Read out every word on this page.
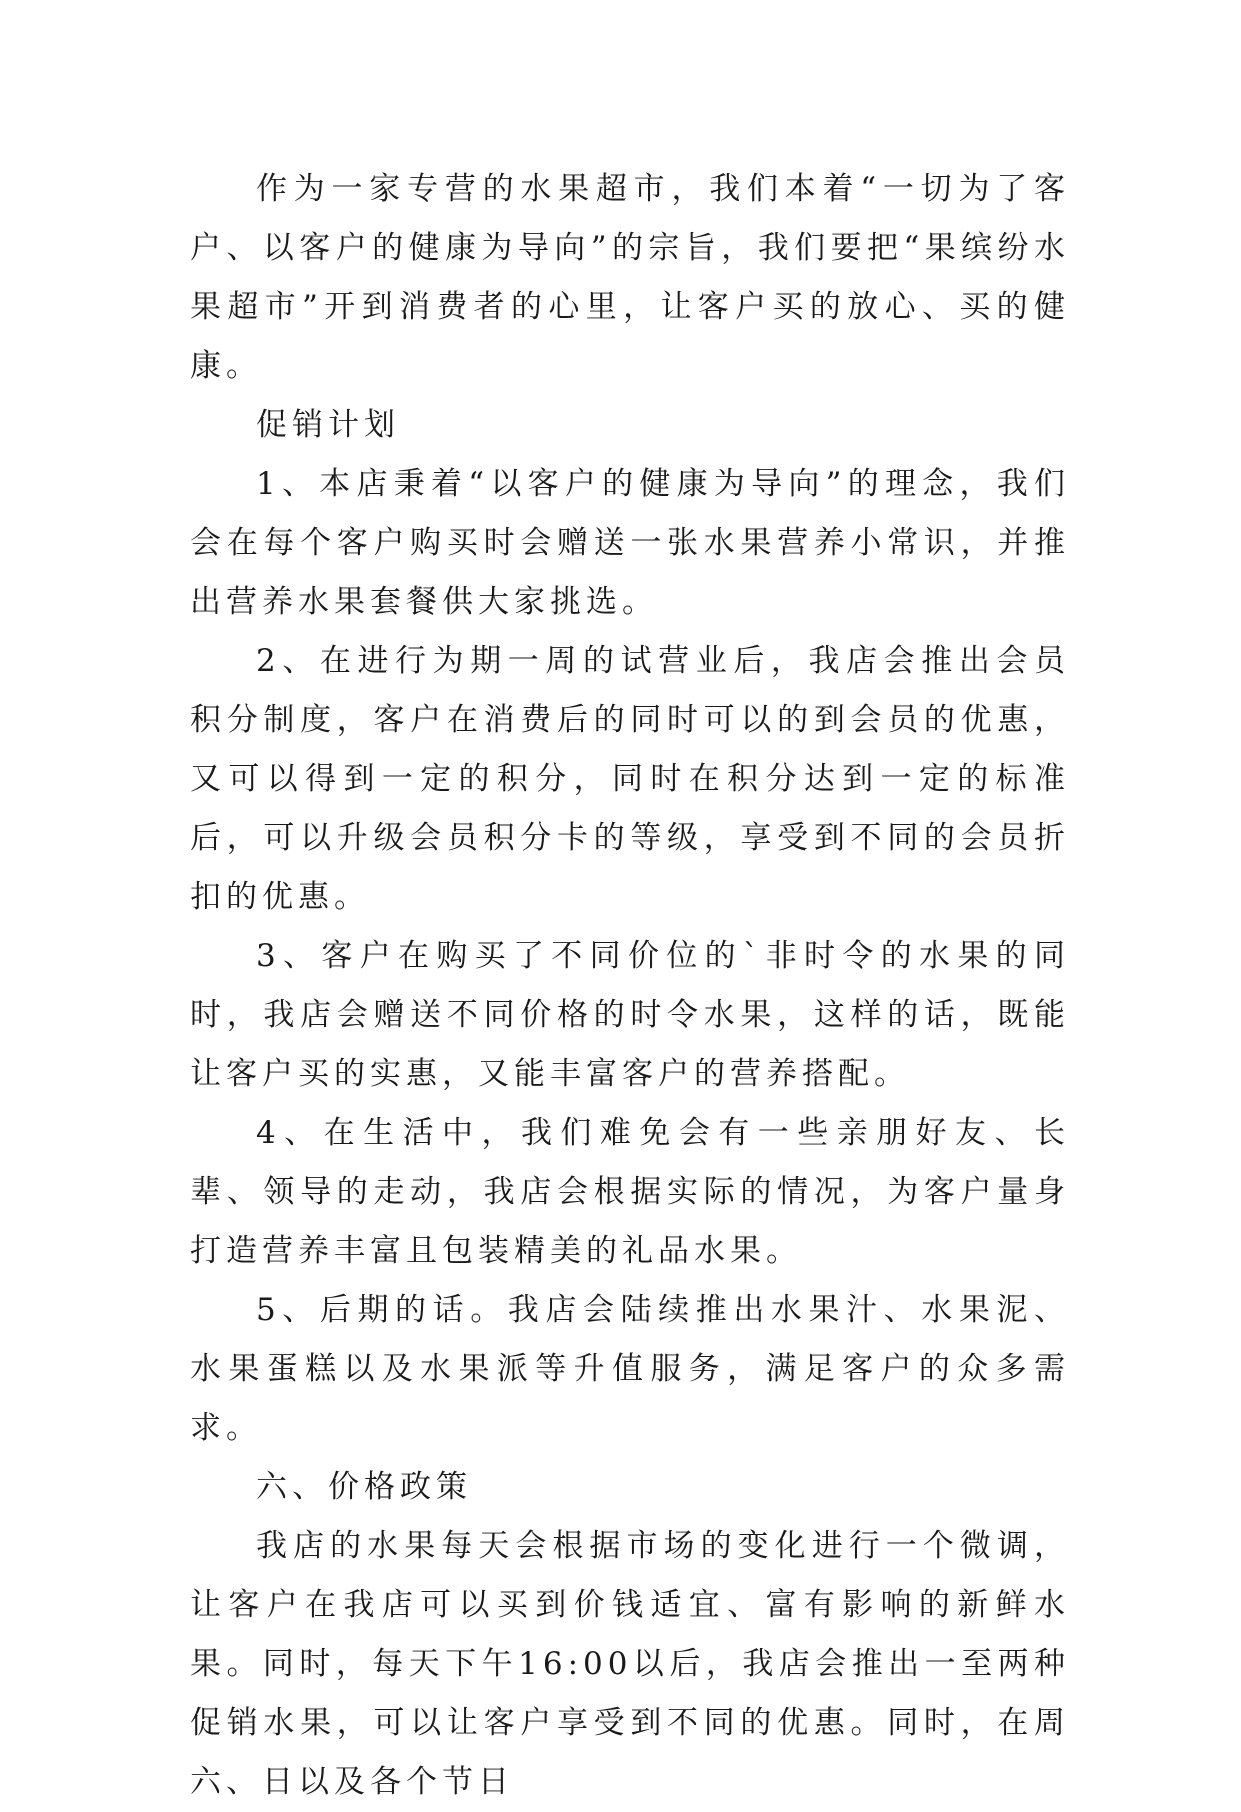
作为一家专营的水果超市，我们本着“一切为了客户、以客户的健康为导向”的宗旨，我们要把“果缤纷水果超市”开到消费者的心里，让客户买的放心、买的健康。

促销计划

1、本店秉着“以客户的健康为导向”的理念，我们会在每个客户购买时会赠送一张水果营养小常识，并推出营养水果套餐供大家挑选。

2、在进行为期一周的试营业后，我店会推出会员积分制度，客户在消费后的同时可以的到会员的优惠，又可以得到一定的积分，同时在积分达到一定的标准后，可以升级会员积分卡的等级，享受到不同的会员折扣的优惠。

3、客户在购买了不同价位的`非时令的水果的同时，我店会赠送不同价格的时令水果，这样的话，既能让客户买的实惠，又能丰富客户的营养搭配。

4、在生活中，我们难免会有一些亲朋好友、长辈、领导的走动，我店会根据实际的情况，为客户量身打造营养丰富且包装精美的礼品水果。

5、后期的话。我店会陆续推出水果汁、水果泥、水果蛋糕以及水果派等升值服务，满足客户的众多需求。

六、价格政策

我店的水果每天会根据市场的变化进行一个微调，让客户在我店可以买到价钱适宜、富有影响的新鲜水果。同时，每天下午16:00以后，我店会推出一至两种促销水果，可以让客户享受到不同的优惠。同时，在周六、日以及各个节日
